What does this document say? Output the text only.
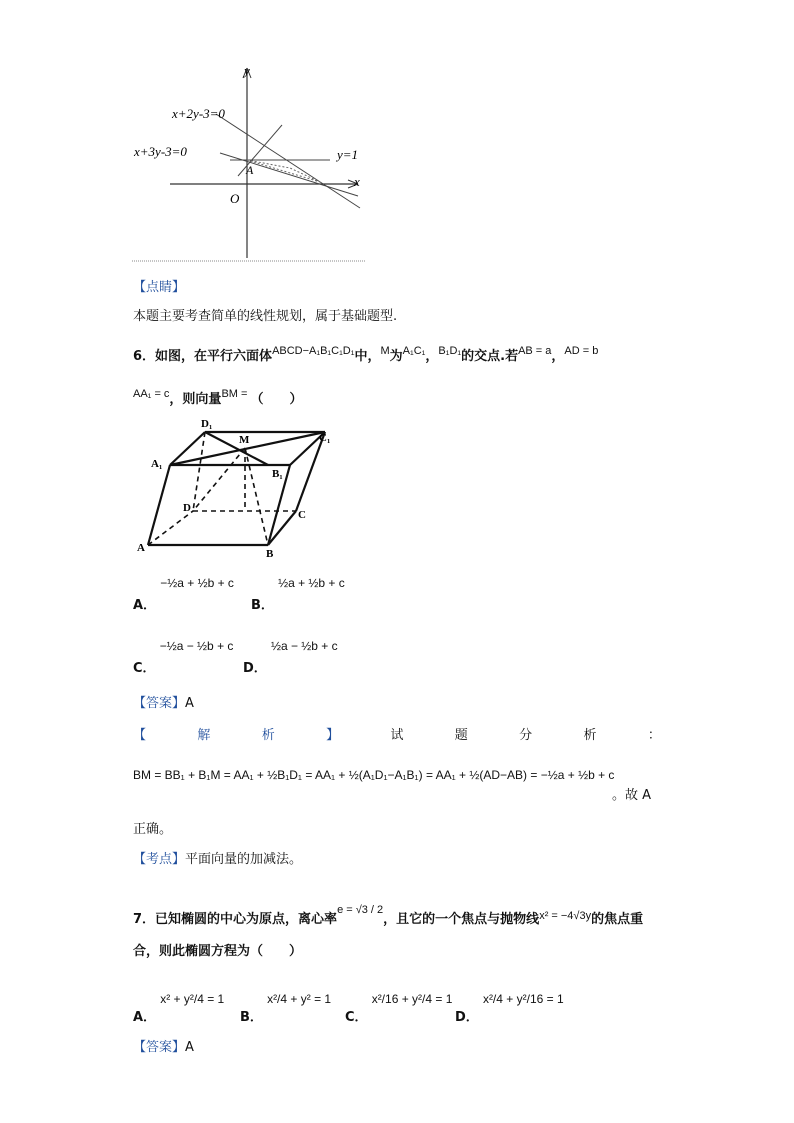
y
x
O
A
x+2y-3=0
x+3y-3=0	y=1
【点睛】
本题主要考查简单的线性规划，属于基础题型.
6．如图，在平行六面体$^{ABCD-A_1B_1C_1D_1}$中，$^M$为$^{A_1C_1}$，$^{B_1D_1}$的交点.若$^{AB = a}$，$^{AD = b}$
$^{AA_1 = c}$，则向量$^{BM =}$ （　　）
D₁
M	C₁
A₁
B₁
D
C
A	B
A． −½a + ½b + c
B． ½a + ½b + c
C． −½a − ½b + c
D． ½a − ½b + c
【答案】A
【	解	析	】	试	题	分	析	：
BM = BB₁ + B₁M = AA₁ + ½B₁D₁ = AA₁ + ½(A₁D₁−A₁B₁) = AA₁ + ½(AD−AB) = −½a + ½b + c
。故 A
正确。
【考点】平面向量的加减法。
7．已知椭圆的中心为原点，离心率$^{e = √3 / 2}$，且它的一个焦点与抛物线$^{x^2 = -4√3y}$的焦点重
合，则此椭圆方程为（　　）
A． x² + y²/4 = 1
B． x²/4 + y² = 1
C． x²/16 + y²/4 = 1
D． x²/4 + y²/16 = 1
【答案】A
